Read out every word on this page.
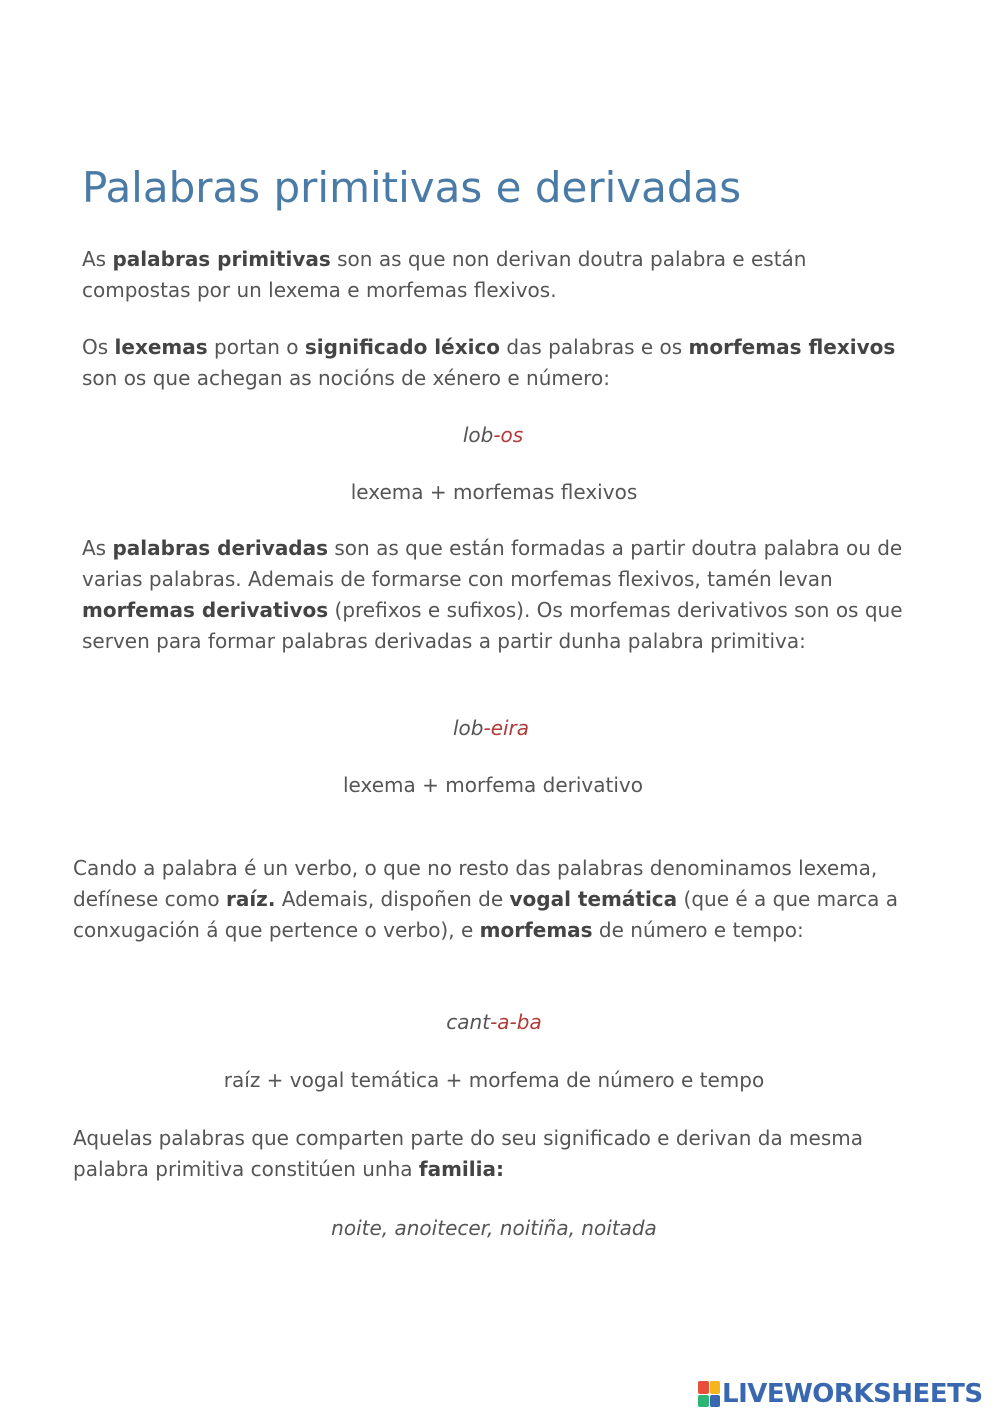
Palabras primitivas e derivadas

As palabras primitivas son as que non derivan doutra palabra e están compostas por un lexema e morfemas flexivos.

Os lexemas portan o significado léxico das palabras e os morfemas flexivos son os que achegan as nocións de xénero e número:

lob-os

lexema + morfemas flexivos

As palabras derivadas son as que están formadas a partir doutra palabra ou de varias palabras. Ademais de formarse con morfemas flexivos, tamén levan morfemas derivativos (prefixos e sufixos). Os morfemas derivativos son os que serven para formar palabras derivadas a partir dunha palabra primitiva:

lob-eira

lexema + morfema derivativo

Cando a palabra é un verbo, o que no resto das palabras denominamos lexema, defínese como raíz. Ademais, dispoñen de vogal temática (que é a que marca a conxugación á que pertence o verbo), e morfemas de número e tempo:

cant-a-ba

raíz + vogal temática + morfema de número e tempo

Aquelas palabras que comparten parte do seu significado e derivan da mesma palabra primitiva constitúen unha familia:

noite, anoitecer, noitiña, noitada

LIVEWORKSHEETS
